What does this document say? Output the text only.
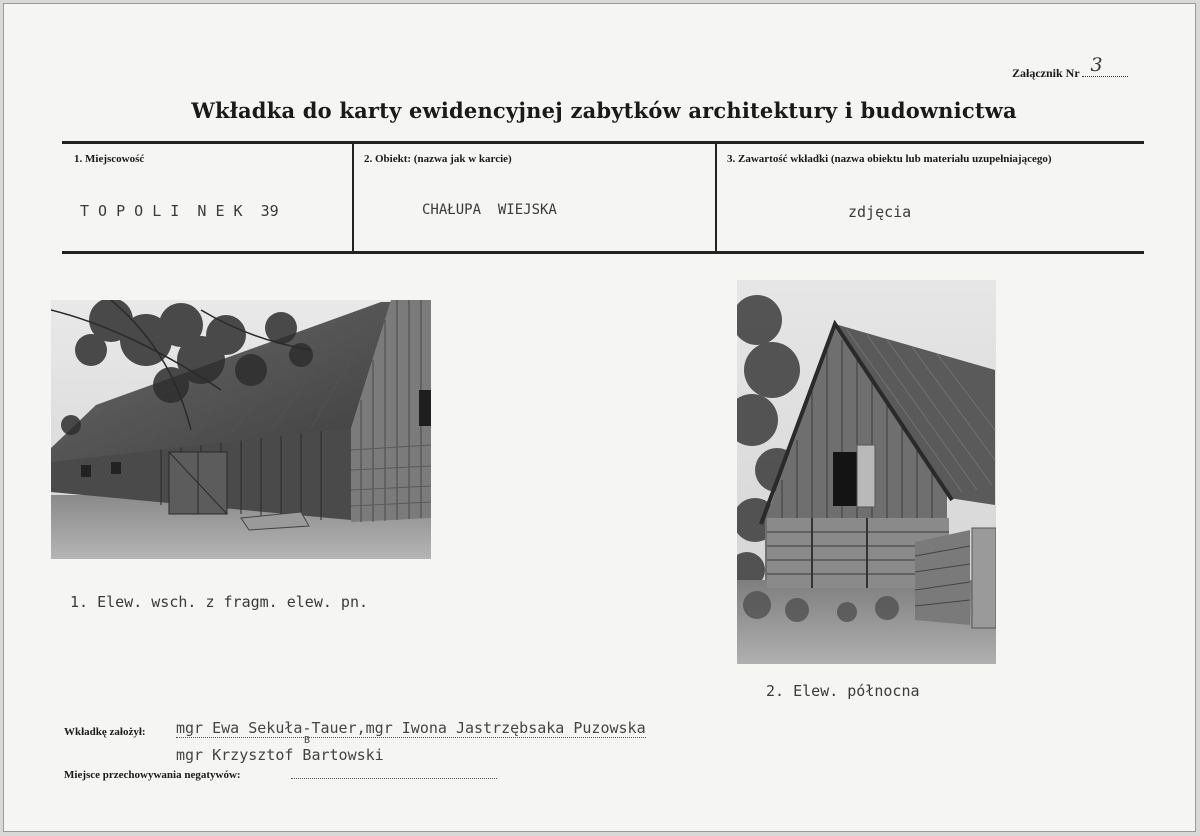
Załącznik Nr 3
Wkładka do karty ewidencyjnej zabytków architektury i budownictwa
1. Miejscowość
T O P O L I  N E K  39
2. Obiekt: (nazwa jak w karcie)
CHAŁUPA  WIEJSKA
3. Zawartość wkładki (nazwa obiektu lub materiału uzupełniającego)
zdjęcia
1. Elew. wsch. z fragm. elew. pn.
2. Elew. północna
Wkładkę założył: mgr Ewa Sekuła-Tauer,mgr Iwona Jastrzębsaka Puzowska
B
mgr Krzysztof Bartowski
Miejsce przechowywania negatywów:
